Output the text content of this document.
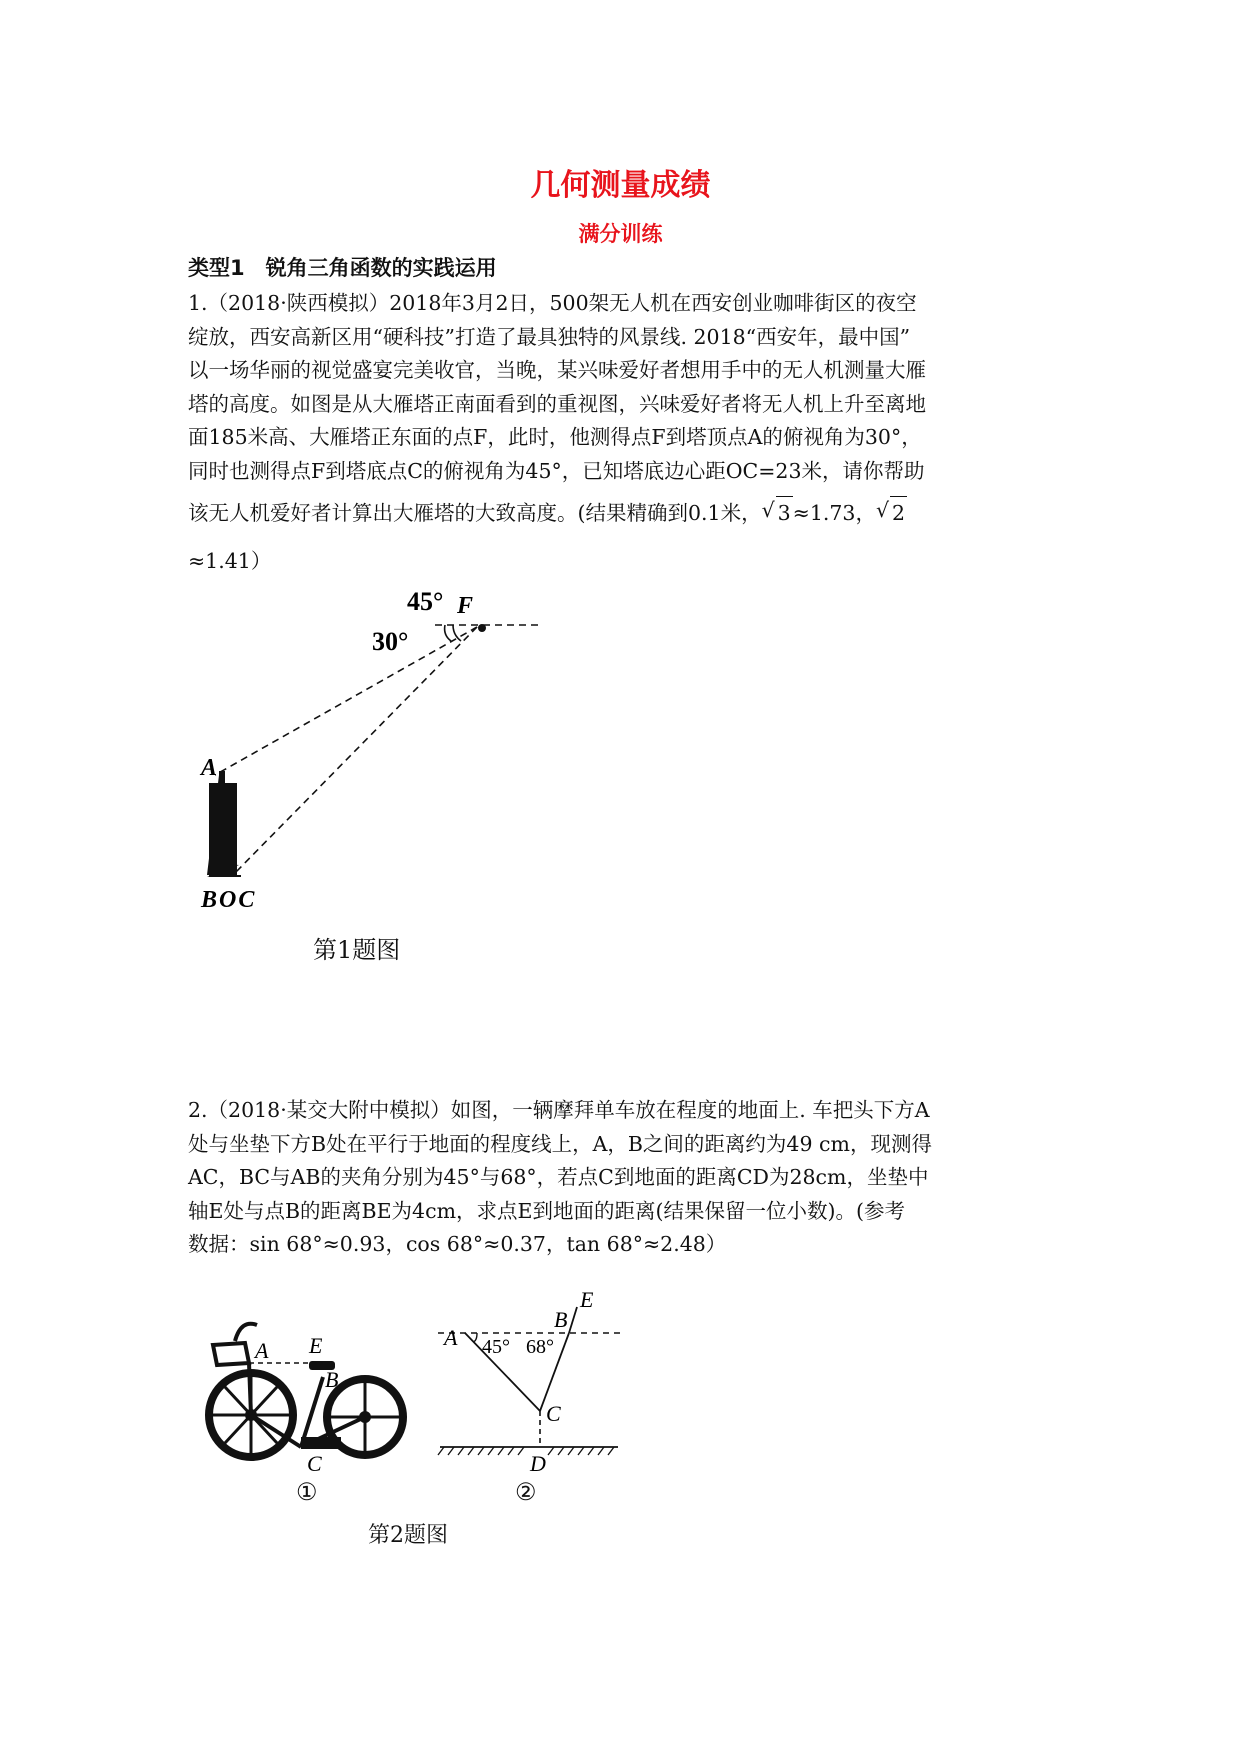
几何测量成绩
满分训练
类型1　锐角三角函数的实践运用
1.（2018·陕西模拟）2018年3月2日，500架无人机在西安创业咖啡街区的夜空
绽放，西安高新区用“硬科技”打造了最具独特的风景线. 2018“西安年，最中国”
以一场华丽的视觉盛宴完美收官，当晚，某兴味爱好者想用手中的无人机测量大雁
塔的高度。如图是从大雁塔正南面看到的重视图，兴味爱好者将无人机上升至离地
面185米高、大雁塔正东面的点F，此时，他测得点F到塔顶点A的俯视角为30°，
同时也测得点F到塔底点C的俯视角为45°，已知塔底边心距OC=23米，请你帮助
该无人机爱好者计算出大雁塔的大致高度。(结果精确到0.1米， √ 3≈1.73， √ 2
≈1.41）
45°
30°
F
A
BOC
第1题图
2.（2018·某交大附中模拟）如图，一辆摩拜单车放在程度的地面上. 车把头下方A
处与坐垫下方B处在平行于地面的程度线上，A，B之间的距离约为49 cm，现测得
AC，BC与AB的夹角分别为45°与68°，若点C到地面的距离CD为28cm，坐垫中
轴E处与点B的距离BE为4cm，求点E到地面的距离(结果保留一位小数)。(参考
数据：sin 68°≈0.93，cos 68°≈0.37，tan 68°≈2.48）
A E
B
C
①
A 45° 68°
B
E
C
D
②
第2题图
